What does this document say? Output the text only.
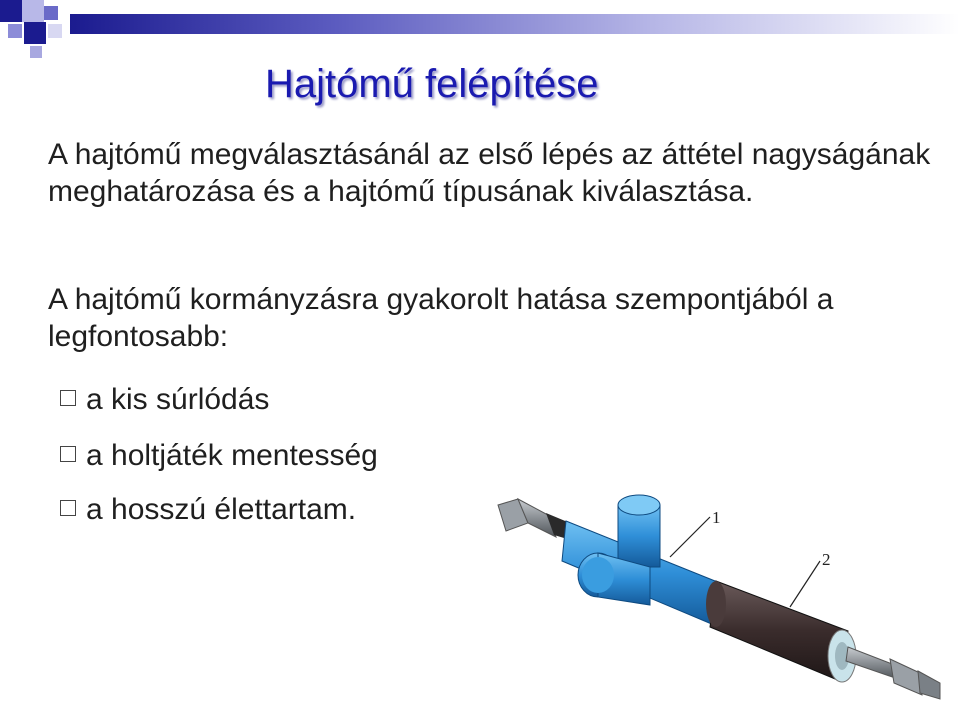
Hajtómű felépítése

A hajtómű megválasztásánál az első lépés az áttétel nagyságának meghatározása és a hajtómű típusának kiválasztása.

A hajtómű kormányzásra gyakorolt hatása szempontjából a legfontosabb:

a kis súrlódás
a holtjáték mentesség
a hosszú élettartam.	1
2
